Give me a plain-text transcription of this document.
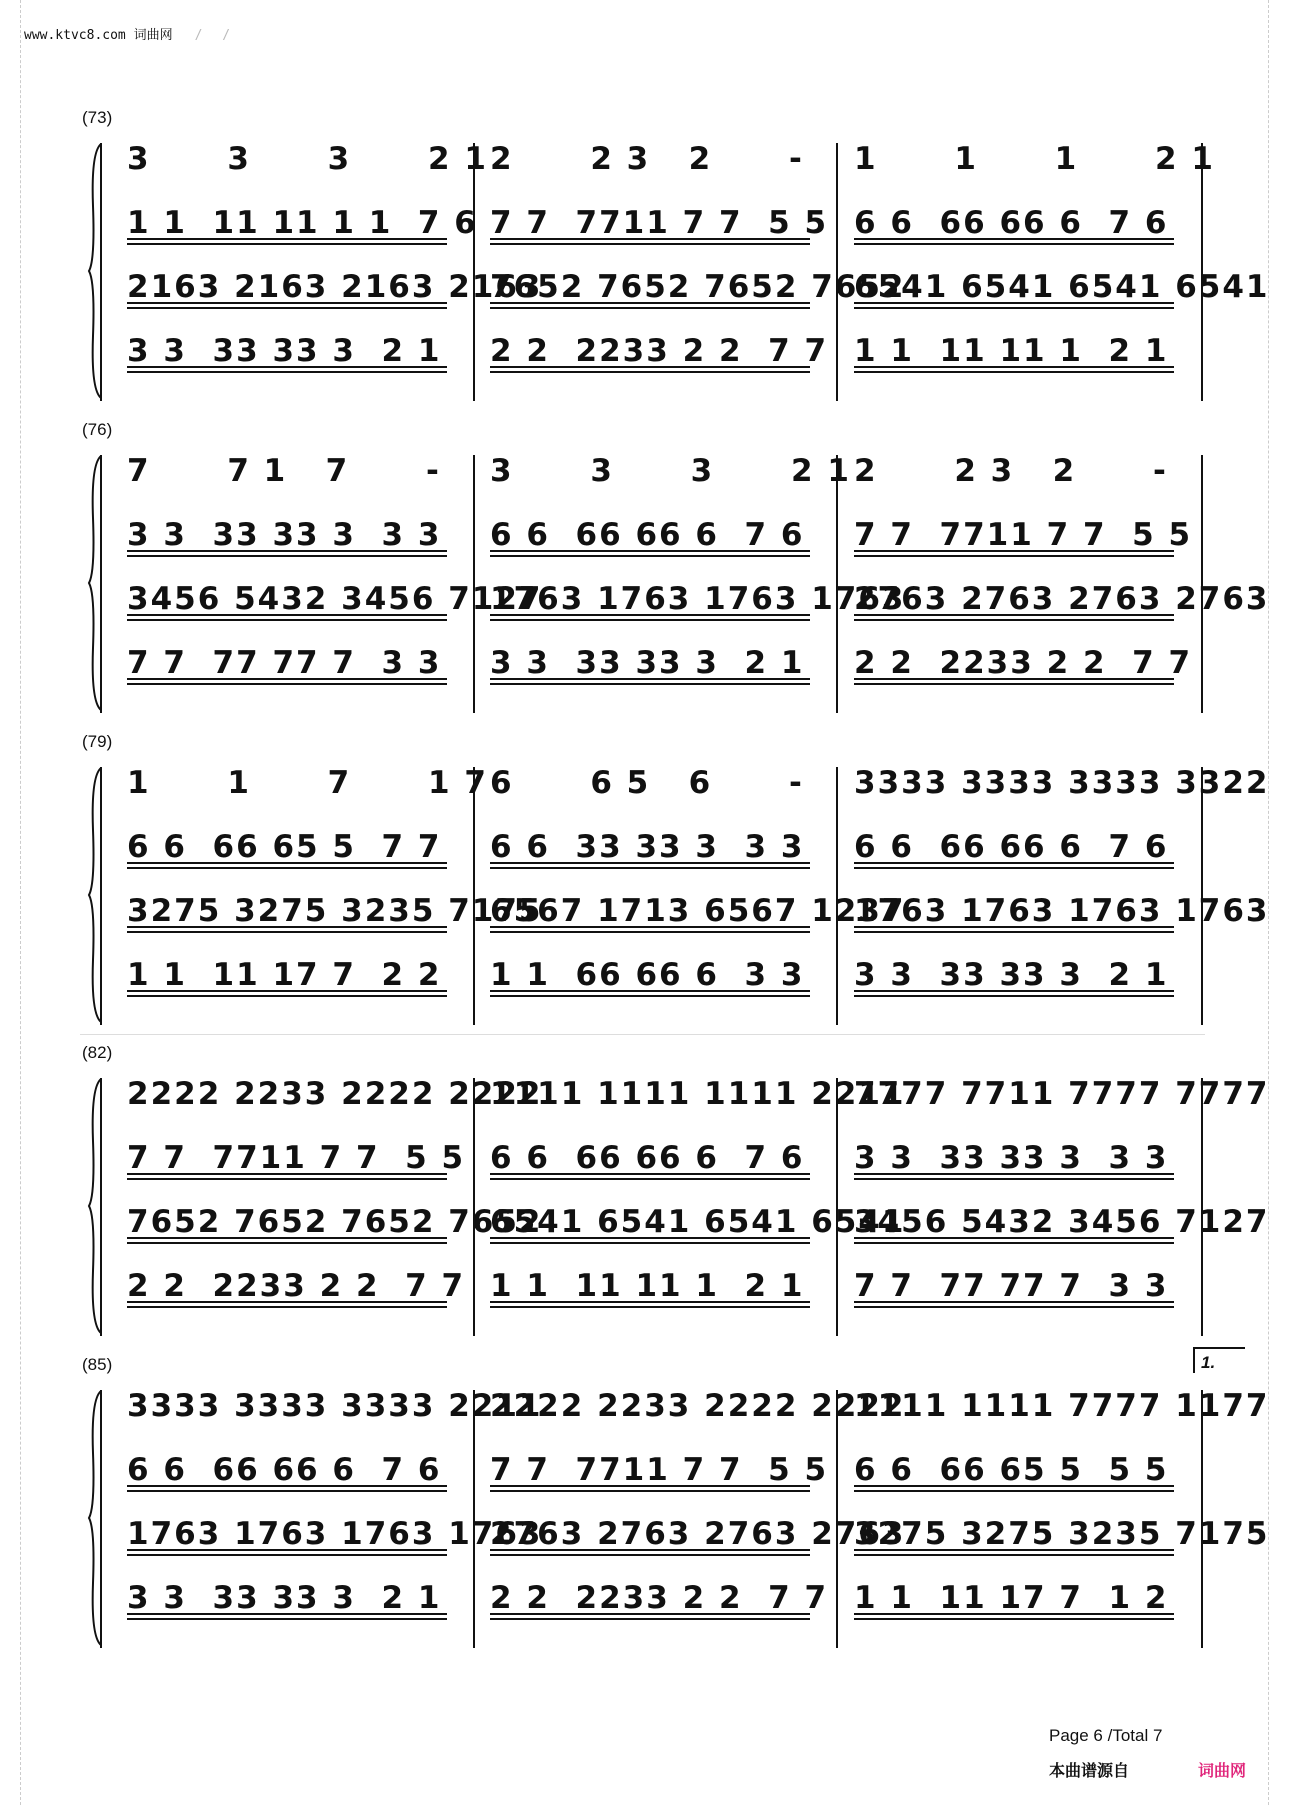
www.ktvc8.com 词曲网 / /
(73)
3      3      3      2 1 2      2 3   2      - 1      1      1      2 1
1 1  11 11 1 1  7 6 7 7  7711 7 7  5 5 6 6  66 66 6  7 6
2163 2163 2163 2163
7652 7652 7652 7652
6541 6541 6541 6541
3 3  33 33 3  2 1 2 2  2233 2 2  7 7 1 1  11 11 1  2 1
(76)
7      7 1   7      - 3      3      3      2 1 2      2 3   2      -
3 3  33 33 3  3 3 6 6  66 66 6  7 6 7 7  7711 7 7  5 5
3456 5432 3456 7127
1763 1763 1763 1763
2763 2763 2763 2763
7 7  77 77 7  3 3 3 3  33 33 3  2 1 2 2  2233 2 2  7 7
(79)
1      1      7      1 7 6      6 5   6      - 3333 3333 3333 3322
6 6  66 65 5  7 7 6 6  33 33 3  3 3 6 6  66 66 6  7 6
3275 3275 3235 7175
6567 1713 6567 1237
1763 1763 1763 1763
1 1  11 17 7  2 2 1 1  66 66 6  3 3 3 3  33 33 3  2 1
(82)
2222 2233 2222 2222
1111 1111 1111 2211
7777 7711 7777 7777
7 7  7711 7 7  5 5 6 6  66 66 6  7 6 3 3  33 33 3  3 3
7652 7652 7652 7652
6541 6541 6541 6541
3456 5432 3456 7127
2 2  2233 2 2  7 7 1 1  11 11 1  2 1 7 7  77 77 7  3 3
(85)
3333 3333 3333 2211
2222 2233 2222 2222
1111 1111 7777 1177
6 6  66 66 6  7 6 7 7  7711 7 7  5 5 6 6  66 65 5  5 5
1763 1763 1763 1763
2763 2763 2763 2763
3275 3275 3235 7175
3 3  33 33 3  2 1 2 2  2233 2 2  7 7 1 1  11 17 7  1 2
1.
Page 6 /Total 7
本曲谱源自	词曲网
